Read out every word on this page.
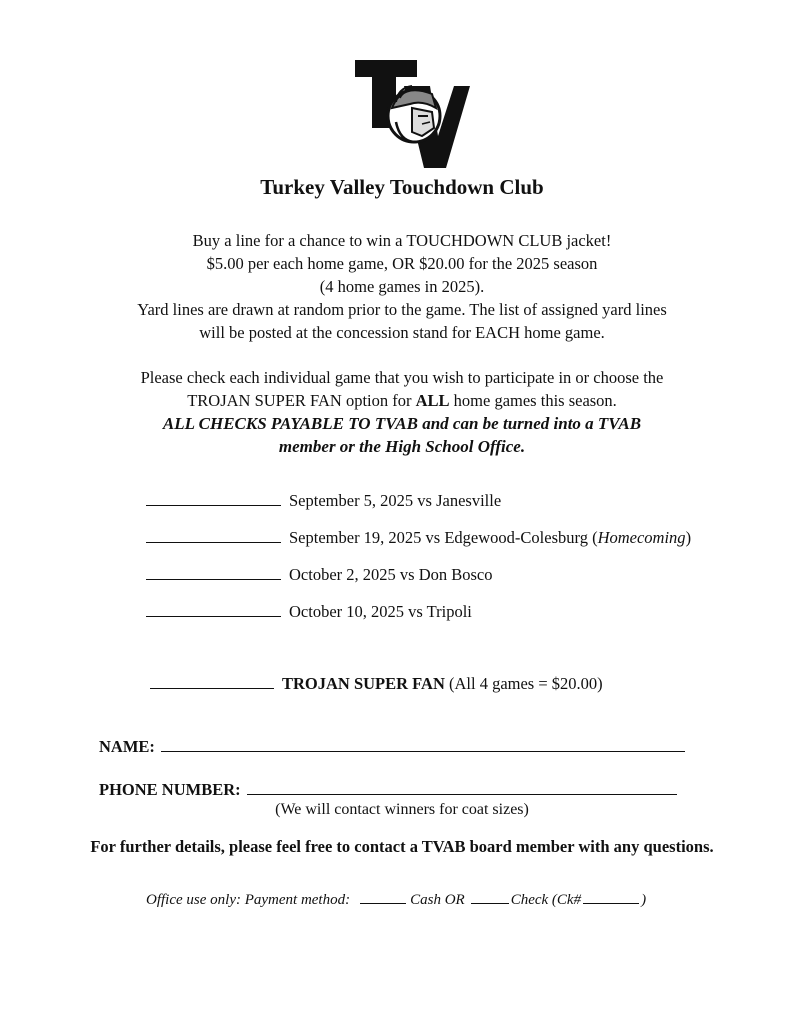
Turkey Valley Touchdown Club
Buy a line for a chance to win a TOUCHDOWN CLUB jacket!
$5.00 per each home game, OR $20.00 for the 2025 season
(4 home games in 2025).
Yard lines are drawn at random prior to the game. The list of assigned yard lines
will be posted at the concession stand for EACH home game.
Please check each individual game that you wish to participate in or choose the
TROJAN SUPER FAN option for ALL home games this season.
ALL CHECKS PAYABLE TO TVAB and can be turned into a TVAB
member or the High School Office.
September 5, 2025 vs Janesville
September 19, 2025 vs Edgewood-Colesburg (Homecoming)
October 2, 2025 vs Don Bosco
October 10, 2025 vs Tripoli
TROJAN SUPER FAN (All 4 games = $20.00)
NAME:
PHONE NUMBER:
(We will contact winners for coat sizes)
For further details, please feel free to contact a TVAB board member with any questions.
Office use only: Payment method:	Cash OR	Check (Ck#	)
